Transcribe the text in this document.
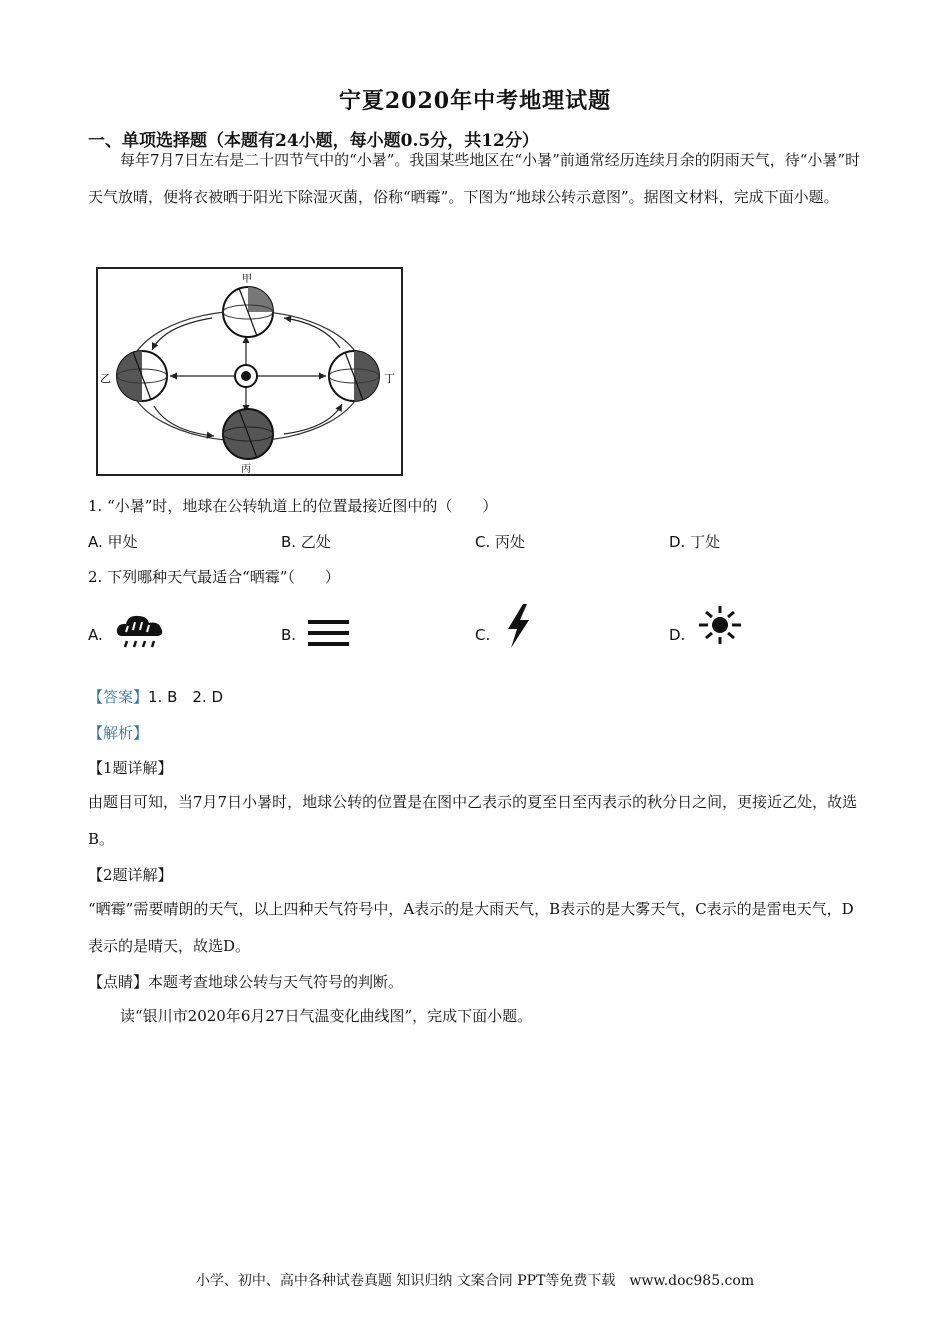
宁夏2020年中考地理试题
一、单项选择题（本题有24小题，每小题0.5分，共12分）
每年7月7日左右是二十四节气中的“小暑”。我国某些地区在“小暑”前通常经历连续月余的阴雨天气，待“小暑”时天气放晴，便将衣被晒于阳光下除湿灭菌，俗称“晒霉”。下图为“地球公转示意图”。据图文材料，完成下面小题。
甲
乙
丙
丁
1. “小暑”时，地球在公转轨道上的位置最接近图中的（　　）
A. 甲处	B. 乙处	C. 丙处	D. 丁处
2. 下列哪种天气最适合“晒霉”（　　）
A.	B.	C.	D.
【答案】1. B　2. D
【解析】
【1题详解】
由题目可知，当7月7日小暑时，地球公转的位置是在图中乙表示的夏至日至丙表示的秋分日之间，更接近乙处，故选B。
【2题详解】
“晒霉”需要晴朗的天气，以上四种天气符号中，A表示的是大雨天气，B表示的是大雾天气，C表示的是雷电天气，D表示的是晴天，故选D。
【点睛】本题考查地球公转与天气符号的判断。
读“银川市2020年6月27日气温变化曲线图”，完成下面小题。
小学、初中、高中各种试卷真题 知识归纳 文案合同 PPT等免费下载　www.doc985.com
